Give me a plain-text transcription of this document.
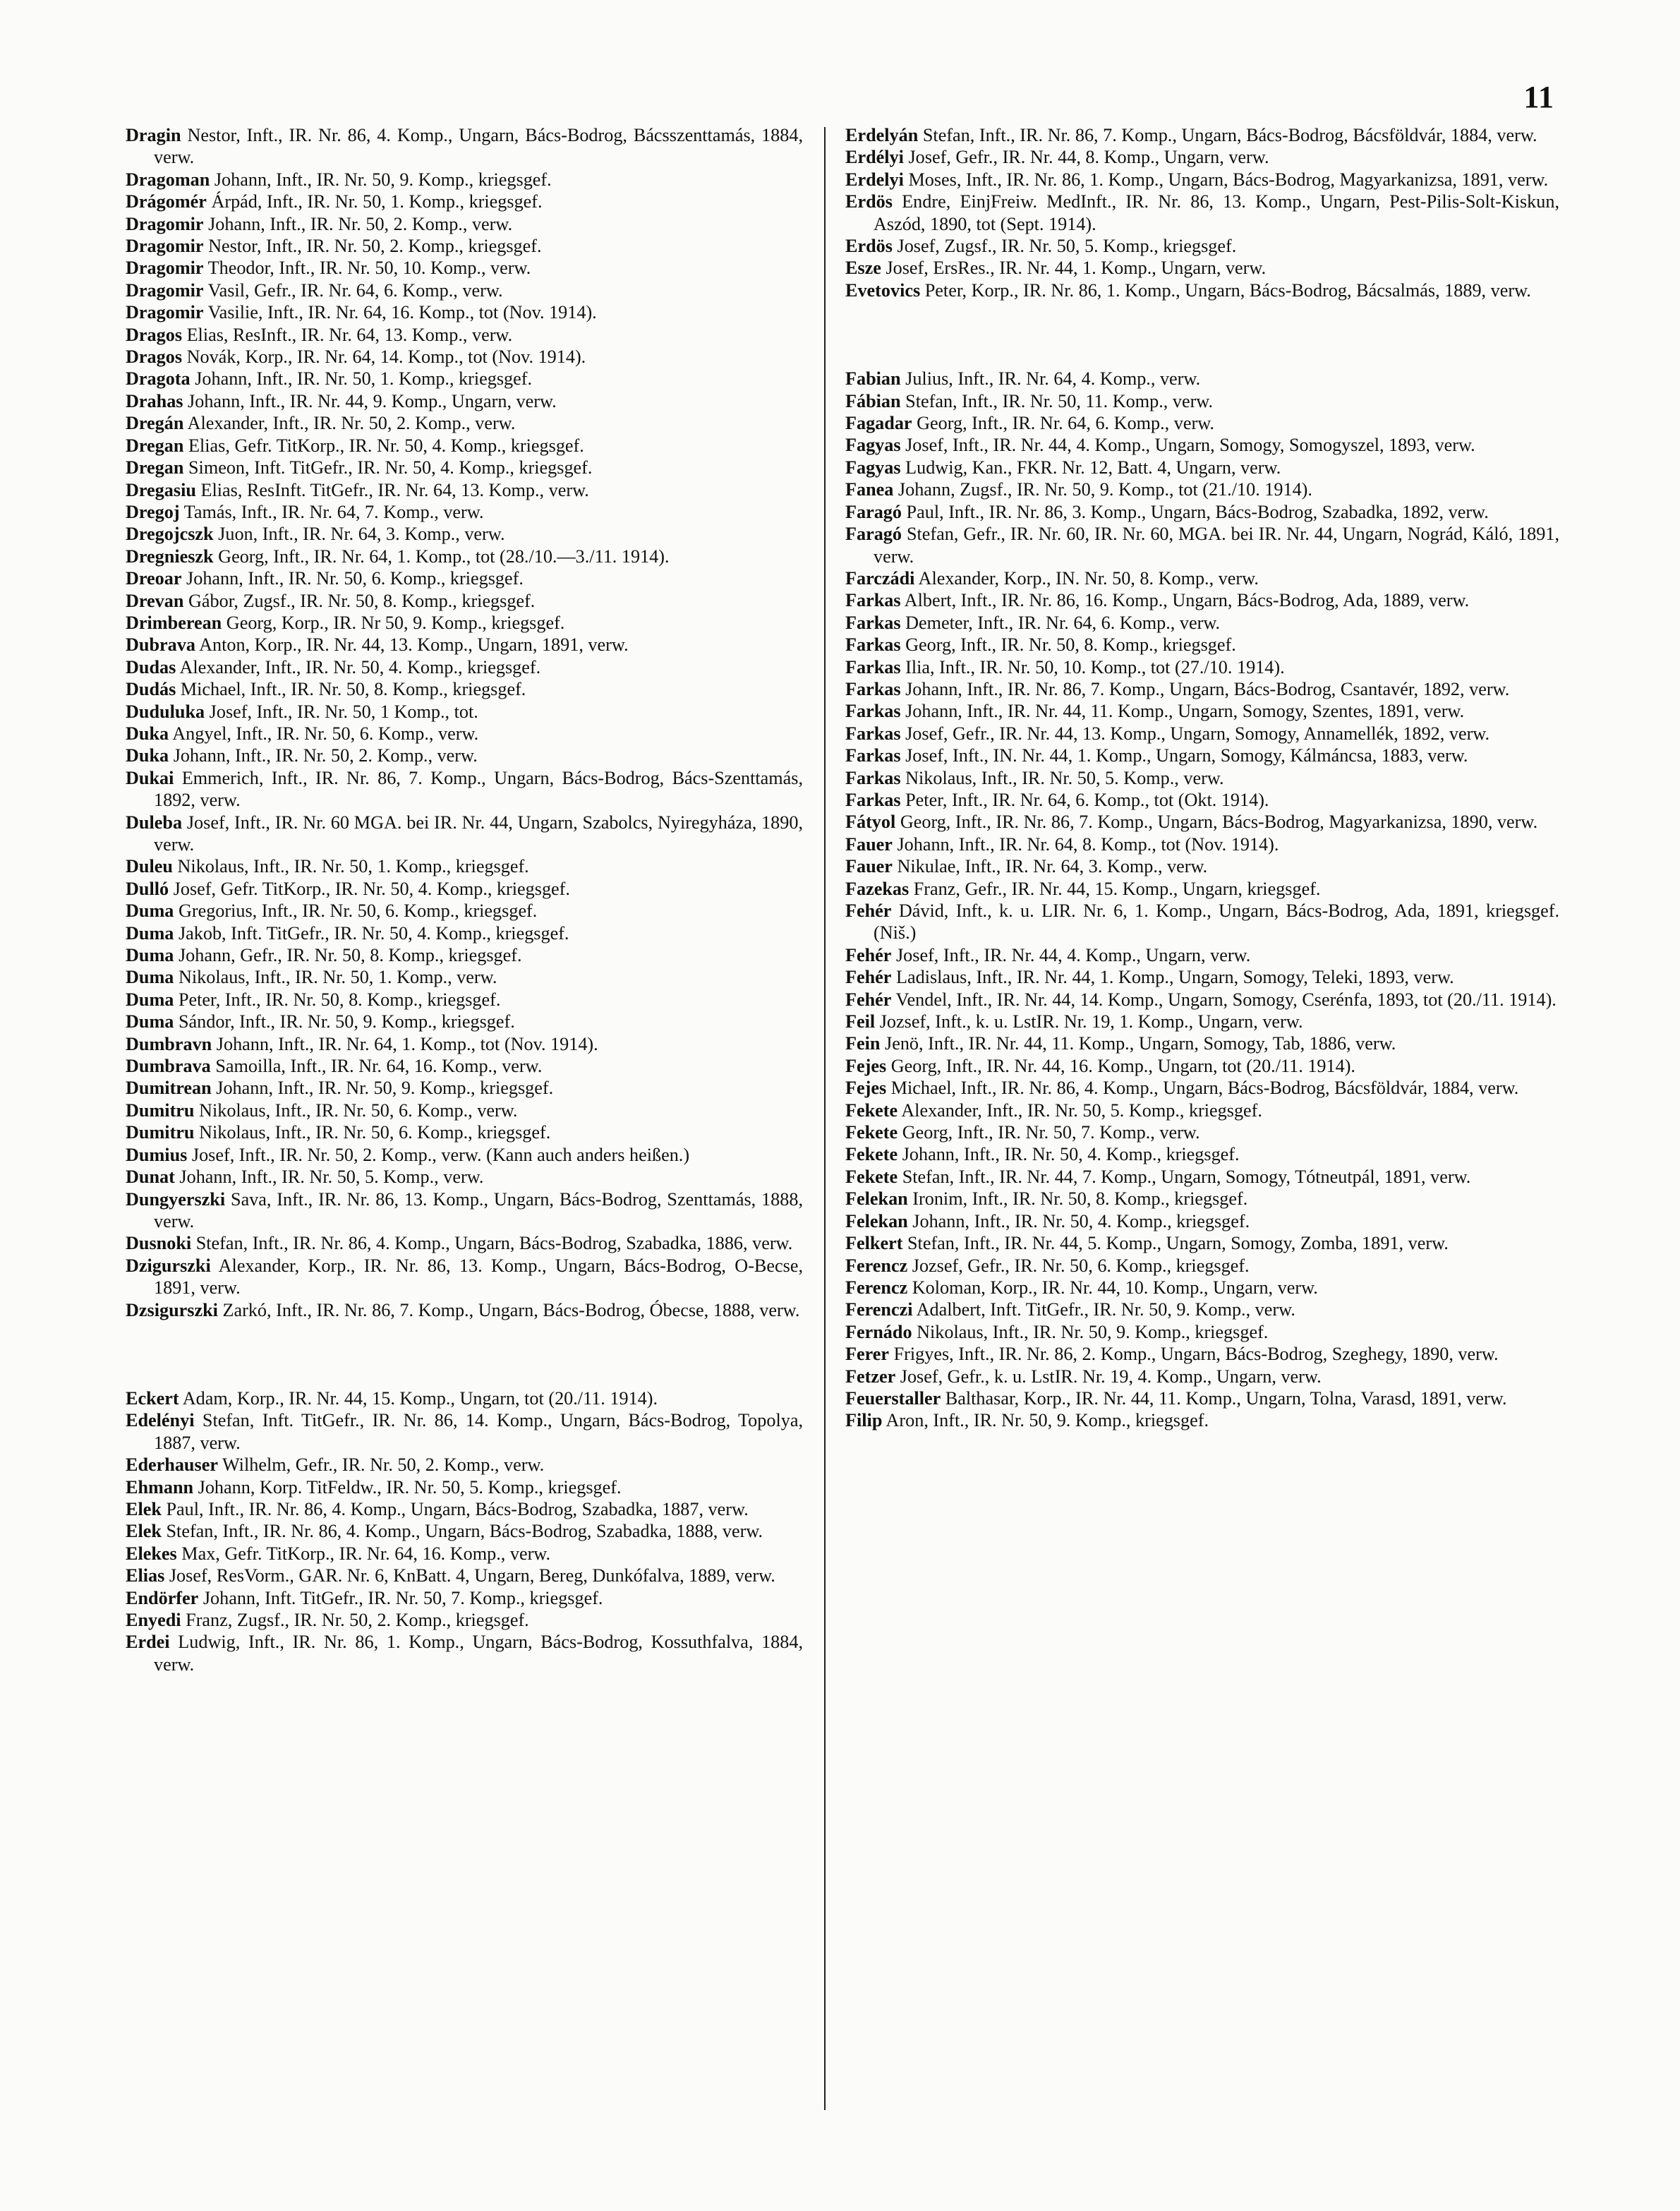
11
Dragin Nestor, Inft., IR. Nr. 86, 4. Komp., Ungarn, Bács-Bodrog, Bácsszenttamás, 1884, verw.
Dragoman Johann, Inft., IR. Nr. 50, 9. Komp., kriegsgef.
Drágomér Árpád, Inft., IR. Nr. 50, 1. Komp., kriegsgef.
Dragomir Johann, Inft., IR. Nr. 50, 2. Komp., verw.
Dragomir Nestor, Inft., IR. Nr. 50, 2. Komp., kriegsgef.
Dragomir Theodor, Inft., IR. Nr. 50, 10. Komp., verw.
Dragomir Vasil, Gefr., IR. Nr. 64, 6. Komp., verw.
Dragomir Vasilie, Inft., IR. Nr. 64, 16. Komp., tot (Nov. 1914).
Dragos Elias, ResInft., IR. Nr. 64, 13. Komp., verw.
Dragos Novák, Korp., IR. Nr. 64, 14. Komp., tot (Nov. 1914).
Dragota Johann, Inft., IR. Nr. 50, 1. Komp., kriegsgef.
Drahas Johann, Inft., IR. Nr. 44, 9. Komp., Ungarn, verw.
Dregán Alexander, Inft., IR. Nr. 50, 2. Komp., verw.
Dregan Elias, Gefr. TitKorp., IR. Nr. 50, 4. Komp., kriegsgef.
Dregan Simeon, Inft. TitGefr., IR. Nr. 50, 4. Komp., kriegsgef.
Dregasiu Elias, ResInft. TitGefr., IR. Nr. 64, 13. Komp., verw.
Dregoj Tamás, Inft., IR. Nr. 64, 7. Komp., verw.
Dregojcszk Juon, Inft., IR. Nr. 64, 3. Komp., verw.
Dregnieszk Georg, Inft., IR. Nr. 64, 1. Komp., tot (28./10.—3./11. 1914).
Dreoar Johann, Inft., IR. Nr. 50, 6. Komp., kriegsgef.
Drevan Gábor, Zugsf., IR. Nr. 50, 8. Komp., kriegsgef.
Drimberean Georg, Korp., IR. Nr 50, 9. Komp., kriegsgef.
Dubrava Anton, Korp., IR. Nr. 44, 13. Komp., Ungarn, 1891, verw.
Dudas Alexander, Inft., IR. Nr. 50, 4. Komp., kriegsgef.
Dudás Michael, Inft., IR. Nr. 50, 8. Komp., kriegsgef.
Duduluka Josef, Inft., IR. Nr. 50, 1 Komp., tot.
Duka Angyel, Inft., IR. Nr. 50, 6. Komp., verw.
Duka Johann, Inft., IR. Nr. 50, 2. Komp., verw.
Dukai Emmerich, Inft., IR. Nr. 86, 7. Komp., Ungarn, Bács-Bodrog, Bács-Szenttamás, 1892, verw.
Duleba Josef, Inft., IR. Nr. 60 MGA. bei IR. Nr. 44, Ungarn, Szabolcs, Nyiregyháza, 1890, verw.
Duleu Nikolaus, Inft., IR. Nr. 50, 1. Komp., kriegsgef.
Dulló Josef, Gefr. TitKorp., IR. Nr. 50, 4. Komp., kriegsgef.
Duma Gregorius, Inft., IR. Nr. 50, 6. Komp., kriegsgef.
Duma Jakob, Inft. TitGefr., IR. Nr. 50, 4. Komp., kriegsgef.
Duma Johann, Gefr., IR. Nr. 50, 8. Komp., kriegsgef.
Duma Nikolaus, Inft., IR. Nr. 50, 1. Komp., verw.
Duma Peter, Inft., IR. Nr. 50, 8. Komp., kriegsgef.
Duma Sándor, Inft., IR. Nr. 50, 9. Komp., kriegsgef.
Dumbravn Johann, Inft., IR. Nr. 64, 1. Komp., tot (Nov. 1914).
Dumbrava Samoilla, Inft., IR. Nr. 64, 16. Komp., verw.
Dumitrean Johann, Inft., IR. Nr. 50, 9. Komp., kriegsgef.
Dumitru Nikolaus, Inft., IR. Nr. 50, 6. Komp., verw.
Dumitru Nikolaus, Inft., IR. Nr. 50, 6. Komp., kriegsgef.
Dumius Josef, Inft., IR. Nr. 50, 2. Komp., verw. (Kann auch anders heißen.)
Dunat Johann, Inft., IR. Nr. 50, 5. Komp., verw.
Dungyerszki Sava, Inft., IR. Nr. 86, 13. Komp., Ungarn, Bács-Bodrog, Szenttamás, 1888, verw.
Dusnoki Stefan, Inft., IR. Nr. 86, 4. Komp., Ungarn, Bács-Bodrog, Szabadka, 1886, verw.
Dzigurszki Alexander, Korp., IR. Nr. 86, 13. Komp., Ungarn, Bács-Bodrog, O-Becse, 1891, verw.
Dzsigurszki Zarkó, Inft., IR. Nr. 86, 7. Komp., Ungarn, Bács-Bodrog, Óbecse, 1888, verw.
Eckert Adam, Korp., IR. Nr. 44, 15. Komp., Ungarn, tot (20./11. 1914).
Edelényi Stefan, Inft. TitGefr., IR. Nr. 86, 14. Komp., Ungarn, Bács-Bodrog, Topolya, 1887, verw.
Ederhauser Wilhelm, Gefr., IR. Nr. 50, 2. Komp., verw.
Ehmann Johann, Korp. TitFeldw., IR. Nr. 50, 5. Komp., kriegsgef.
Elek Paul, Inft., IR. Nr. 86, 4. Komp., Ungarn, Bács-Bodrog, Szabadka, 1887, verw.
Elek Stefan, Inft., IR. Nr. 86, 4. Komp., Ungarn, Bács-Bodrog, Szabadka, 1888, verw.
Elekes Max, Gefr. TitKorp., IR. Nr. 64, 16. Komp., verw.
Elias Josef, ResVorm., GAR. Nr. 6, KnBatt. 4, Ungarn, Bereg, Dunkófalva, 1889, verw.
Endörfer Johann, Inft. TitGefr., IR. Nr. 50, 7. Komp., kriegsgef.
Enyedi Franz, Zugsf., IR. Nr. 50, 2. Komp., kriegsgef.
Erdei Ludwig, Inft., IR. Nr. 86, 1. Komp., Ungarn, Bács-Bodrog, Kossuthfalva, 1884, verw.
Erdelyán Stefan, Inft., IR. Nr. 86, 7. Komp., Ungarn, Bács-Bodrog, Bácsföldvár, 1884, verw.
Erdélyi Josef, Gefr., IR. Nr. 44, 8. Komp., Ungarn, verw.
Erdelyi Moses, Inft., IR. Nr. 86, 1. Komp., Ungarn, Bács-Bodrog, Magyarkanizsa, 1891, verw.
Erdös Endre, EinjFreiw. MedInft., IR. Nr. 86, 13. Komp., Ungarn, Pest-Pilis-Solt-Kiskun, Aszód, 1890, tot (Sept. 1914).
Erdös Josef, Zugsf., IR. Nr. 50, 5. Komp., kriegsgef.
Esze Josef, ErsRes., IR. Nr. 44, 1. Komp., Ungarn, verw.
Evetovics Peter, Korp., IR. Nr. 86, 1. Komp., Ungarn, Bács-Bodrog, Bácsalmás, 1889, verw.
Fabian Julius, Inft., IR. Nr. 64, 4. Komp., verw.
Fábian Stefan, Inft., IR. Nr. 50, 11. Komp., verw.
Fagadar Georg, Inft., IR. Nr. 64, 6. Komp., verw.
Fagyas Josef, Inft., IR. Nr. 44, 4. Komp., Ungarn, Somogy, Somogyszel, 1893, verw.
Fagyas Ludwig, Kan., FKR. Nr. 12, Batt. 4, Ungarn, verw.
Fanea Johann, Zugsf., IR. Nr. 50, 9. Komp., tot (21./10. 1914).
Faragó Paul, Inft., IR. Nr. 86, 3. Komp., Ungarn, Bács-Bodrog, Szabadka, 1892, verw.
Faragó Stefan, Gefr., IR. Nr. 60, IR. Nr. 60, MGA. bei IR. Nr. 44, Ungarn, Nográd, Káló, 1891, verw.
Farczádi Alexander, Korp., IN. Nr. 50, 8. Komp., verw.
Farkas Albert, Inft., IR. Nr. 86, 16. Komp., Ungarn, Bács-Bodrog, Ada, 1889, verw.
Farkas Demeter, Inft., IR. Nr. 64, 6. Komp., verw.
Farkas Georg, Inft., IR. Nr. 50, 8. Komp., kriegsgef.
Farkas Ilia, Inft., IR. Nr. 50, 10. Komp., tot (27./10. 1914).
Farkas Johann, Inft., IR. Nr. 86, 7. Komp., Ungarn, Bács-Bodrog, Csantavér, 1892, verw.
Farkas Johann, Inft., IR. Nr. 44, 11. Komp., Ungarn, Somogy, Szentes, 1891, verw.
Farkas Josef, Gefr., IR. Nr. 44, 13. Komp., Ungarn, Somogy, Annamellék, 1892, verw.
Farkas Josef, Inft., IN. Nr. 44, 1. Komp., Ungarn, Somogy, Kálmáncsa, 1883, verw.
Farkas Nikolaus, Inft., IR. Nr. 50, 5. Komp., verw.
Farkas Peter, Inft., IR. Nr. 64, 6. Komp., tot (Okt. 1914).
Fátyol Georg, Inft., IR. Nr. 86, 7. Komp., Ungarn, Bács-Bodrog, Magyarkanizsa, 1890, verw.
Fauer Johann, Inft., IR. Nr. 64, 8. Komp., tot (Nov. 1914).
Fauer Nikulae, Inft., IR. Nr. 64, 3. Komp., verw.
Fazekas Franz, Gefr., IR. Nr. 44, 15. Komp., Ungarn, kriegsgef.
Fehér Dávid, Inft., k. u. LIR. Nr. 6, 1. Komp., Ungarn, Bács-Bodrog, Ada, 1891, kriegsgef. (Niš.)
Fehér Josef, Inft., IR. Nr. 44, 4. Komp., Ungarn, verw.
Fehér Ladislaus, Inft., IR. Nr. 44, 1. Komp., Ungarn, Somogy, Teleki, 1893, verw.
Fehér Vendel, Inft., IR. Nr. 44, 14. Komp., Ungarn, Somogy, Cserénfa, 1893, tot (20./11. 1914).
Feil Jozsef, Inft., k. u. LstIR. Nr. 19, 1. Komp., Ungarn, verw.
Fein Jenö, Inft., IR. Nr. 44, 11. Komp., Ungarn, Somogy, Tab, 1886, verw.
Fejes Georg, Inft., IR. Nr. 44, 16. Komp., Ungarn, tot (20./11. 1914).
Fejes Michael, Inft., IR. Nr. 86, 4. Komp., Ungarn, Bács-Bodrog, Bácsföldvár, 1884, verw.
Fekete Alexander, Inft., IR. Nr. 50, 5. Komp., kriegsgef.
Fekete Georg, Inft., IR. Nr. 50, 7. Komp., verw.
Fekete Johann, Inft., IR. Nr. 50, 4. Komp., kriegsgef.
Fekete Stefan, Inft., IR. Nr. 44, 7. Komp., Ungarn, Somogy, Tótneutpál, 1891, verw.
Felekan Ironim, Inft., IR. Nr. 50, 8. Komp., kriegsgef.
Felekan Johann, Inft., IR. Nr. 50, 4. Komp., kriegsgef.
Felkert Stefan, Inft., IR. Nr. 44, 5. Komp., Ungarn, Somogy, Zomba, 1891, verw.
Ferencz Jozsef, Gefr., IR. Nr. 50, 6. Komp., kriegsgef.
Ferencz Koloman, Korp., IR. Nr. 44, 10. Komp., Ungarn, verw.
Ferenczi Adalbert, Inft. TitGefr., IR. Nr. 50, 9. Komp., verw.
Fernádo Nikolaus, Inft., IR. Nr. 50, 9. Komp., kriegsgef.
Ferer Frigyes, Inft., IR. Nr. 86, 2. Komp., Ungarn, Bács-Bodrog, Szeghegy, 1890, verw.
Fetzer Josef, Gefr., k. u. LstIR. Nr. 19, 4. Komp., Ungarn, verw.
Feuerstaller Balthasar, Korp., IR. Nr. 44, 11. Komp., Ungarn, Tolna, Varasd, 1891, verw.
Filip Aron, Inft., IR. Nr. 50, 9. Komp., kriegsgef.
